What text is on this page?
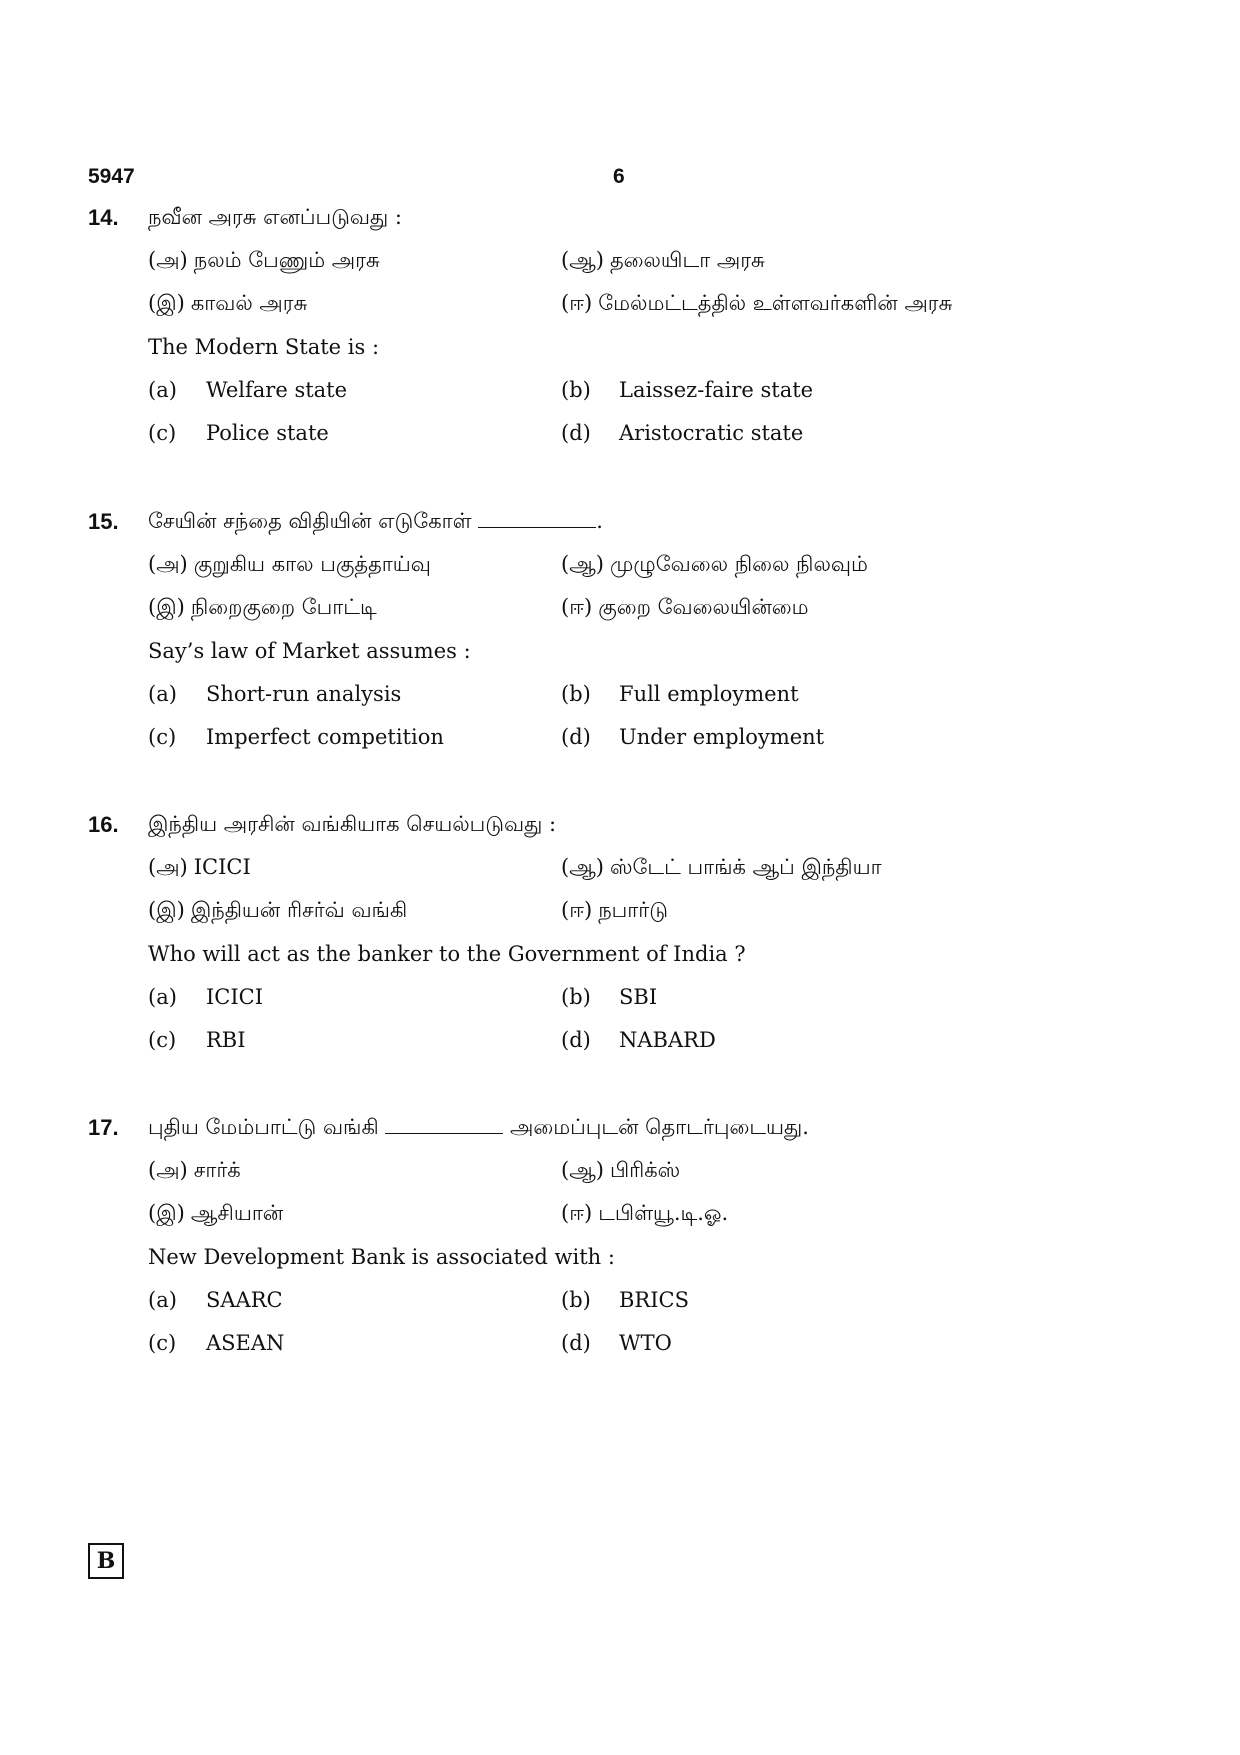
5947	6
14. நவீன அரசு எனப்படுவது :
(அ) நலம் பேணும் அரசு	(ஆ) தலையிடா அரசு
(இ) காவல் அரசு	(ஈ) மேல்மட்டத்தில் உள்ளவர்களின் அரசு
The Modern State is :
(a) Welfare state	(b) Laissez-faire state
(c) Police state	(d) Aristocratic state
15. சேயின் சந்தை விதியின் எடுகோள்	.
(அ) குறுகிய கால பகுத்தாய்வு	(ஆ) முழுவேலை நிலை நிலவும்
(இ) நிறைகுறை போட்டி	(ஈ) குறை வேலையின்மை
Say’s law of Market assumes :
(a) Short-run analysis	(b) Full employment
(c) Imperfect competition	(d) Under employment
16. இந்திய அரசின் வங்கியாக செயல்படுவது :
(அ) ICICI	(ஆ) ஸ்டேட் பாங்க் ஆப் இந்தியா
(இ) இந்தியன் ரிசர்வ் வங்கி	(ஈ) நபார்டு
Who will act as the banker to the Government of India ?
(a) ICICI	(b) SBI
(c) RBI	(d) NABARD
17. புதிய மேம்பாட்டு வங்கி	அமைப்புடன் தொடர்புடையது.
(அ) சார்க்	(ஆ) பிரிக்ஸ்
(இ) ஆசியான்	(ஈ) டபிள்யூ.டி.ஓ.
New Development Bank is associated with :
(a) SAARC	(b) BRICS
(c) ASEAN	(d) WTO
B
